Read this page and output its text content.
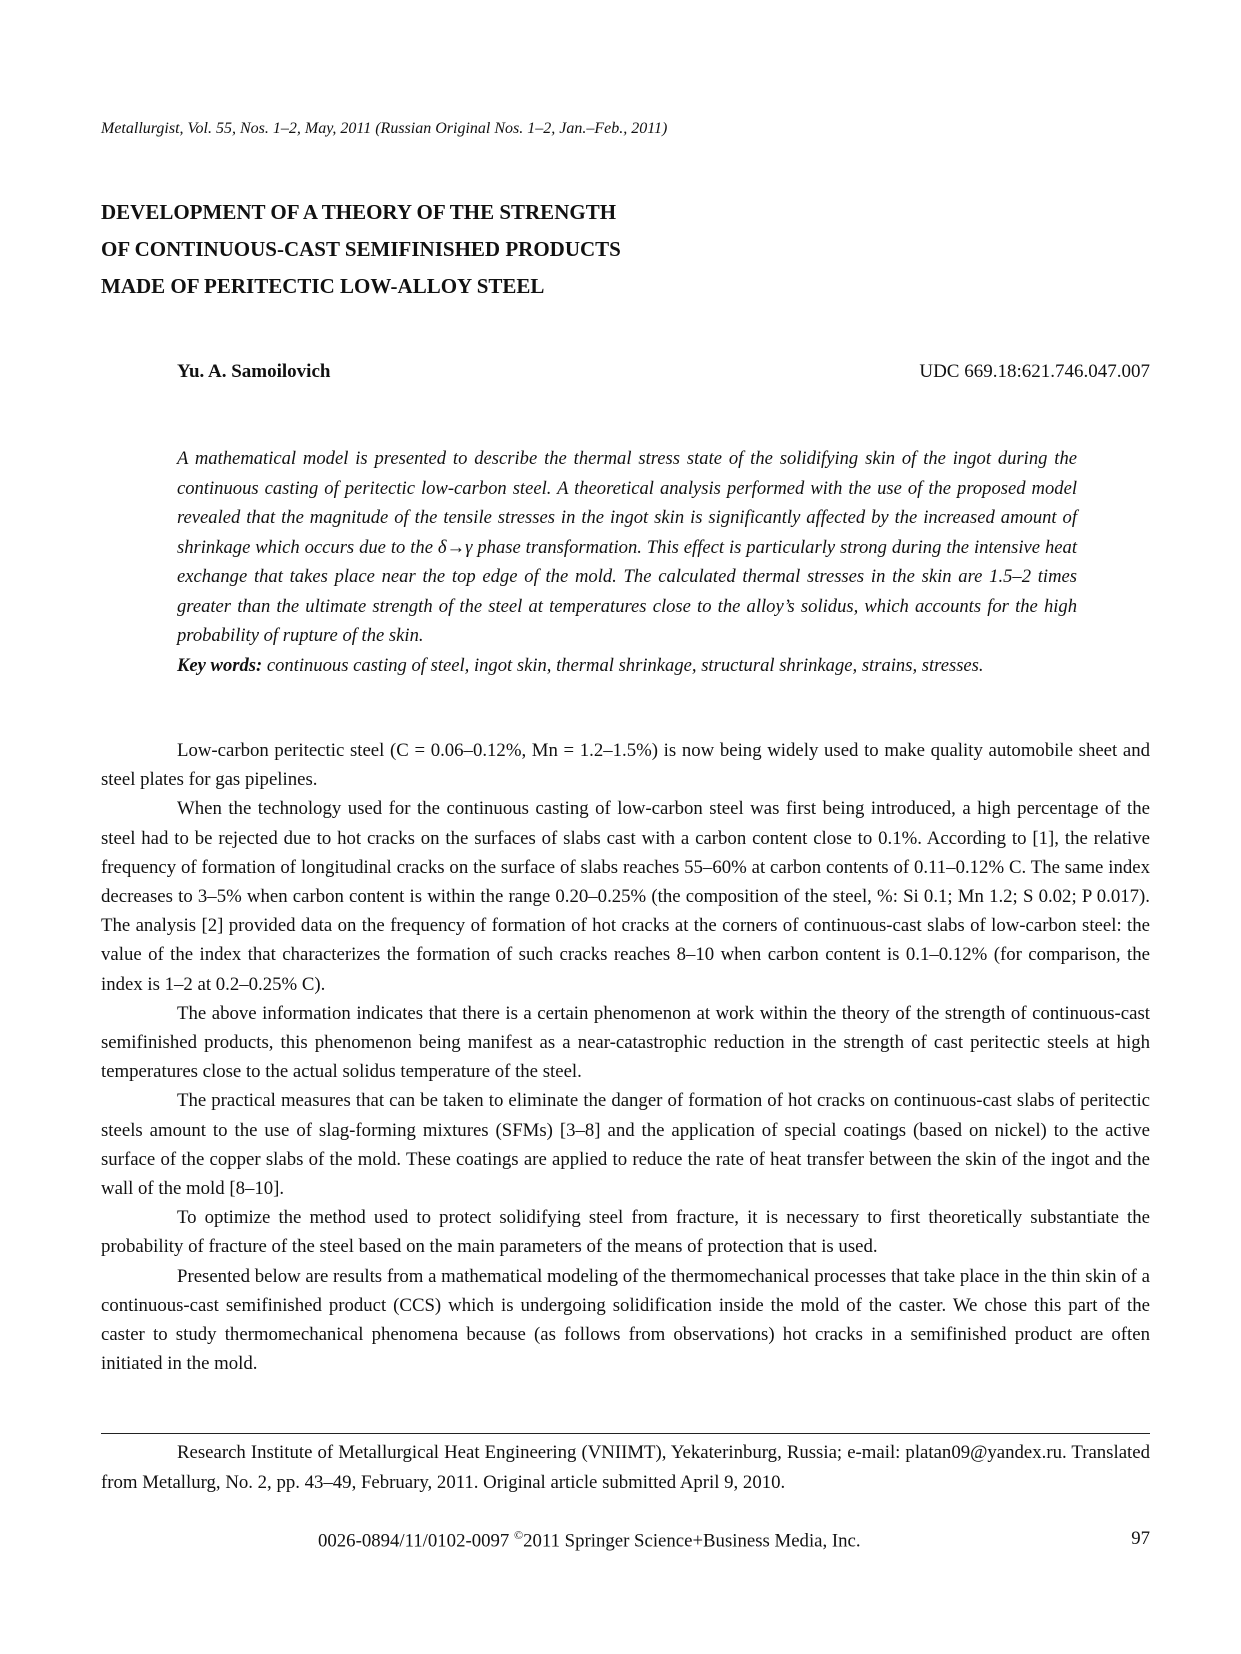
Metallurgist, Vol. 55, Nos. 1–2, May, 2011 (Russian Original Nos. 1–2, Jan.–Feb., 2011)
DEVELOPMENT OF A THEORY OF THE STRENGTH
OF CONTINUOUS-CAST SEMIFINISHED PRODUCTS
MADE OF PERITECTIC LOW-ALLOY STEEL
Yu. A. Samoilovich	UDC 669.18:621.746.047.007
A mathematical model is presented to describe the thermal stress state of the solidifying skin of the ingot during the continuous casting of peritectic low-carbon steel. A theoretical analysis performed with the use of the proposed model revealed that the magnitude of the tensile stresses in the ingot skin is significantly affected by the increased amount of shrinkage which occurs due to the δ→γ phase transformation. This effect is particularly strong during the intensive heat exchange that takes place near the top edge of the mold. The calculated thermal stresses in the skin are 1.5–2 times greater than the ultimate strength of the steel at temperatures close to the alloy’s solidus, which accounts for the high probability of rupture of the skin.
Key words: continuous casting of steel, ingot skin, thermal shrinkage, structural shrinkage, strains, stresses.

Low-carbon peritectic steel (C = 0.06–0.12%, Mn = 1.2–1.5%) is now being widely used to make quality automobile sheet and steel plates for gas pipelines.

When the technology used for the continuous casting of low-carbon steel was first being introduced, a high percentage of the steel had to be rejected due to hot cracks on the surfaces of slabs cast with a carbon content close to 0.1%. According to [1], the relative frequency of formation of longitudinal cracks on the surface of slabs reaches 55–60% at carbon contents of 0.11–0.12% C. The same index decreases to 3–5% when carbon content is within the range 0.20–0.25% (the composition of the steel, %: Si 0.1; Mn 1.2; S 0.02; P 0.017). The analysis [2] provided data on the frequency of formation of hot cracks at the corners of continuous-cast slabs of low-carbon steel: the value of the index that characterizes the formation of such cracks reaches 8–10 when carbon content is 0.1–0.12% (for comparison, the index is 1–2 at 0.2–0.25% C).

The above information indicates that there is a certain phenomenon at work within the theory of the strength of continuous-cast semifinished products, this phenomenon being manifest as a near-catastrophic reduction in the strength of cast peritectic steels at high temperatures close to the actual solidus temperature of the steel.

The practical measures that can be taken to eliminate the danger of formation of hot cracks on continuous-cast slabs of peritectic steels amount to the use of slag-forming mixtures (SFMs) [3–8] and the application of special coatings (based on nickel) to the active surface of the copper slabs of the mold. These coatings are applied to reduce the rate of heat transfer between the skin of the ingot and the wall of the mold [8–10].

To optimize the method used to protect solidifying steel from fracture, it is necessary to first theoretically substantiate the probability of fracture of the steel based on the main parameters of the means of protection that is used.

Presented below are results from a mathematical modeling of the thermomechanical processes that take place in the thin skin of a continuous-cast semifinished product (CCS) which is undergoing solidification inside the mold of the caster. We chose this part of the caster to study thermomechanical phenomena because (as follows from observations) hot cracks in a semifinished product are often initiated in the mold.

Research Institute of Metallurgical Heat Engineering (VNIIMT), Yekaterinburg, Russia; e-mail: platan09@yandex.ru. Translated from Metallurg, No. 2, pp. 43–49, February, 2011. Original article submitted April 9, 2010.

0026-0894/11/0102-0097 ©2011 Springer Science+Business Media, Inc.	97
